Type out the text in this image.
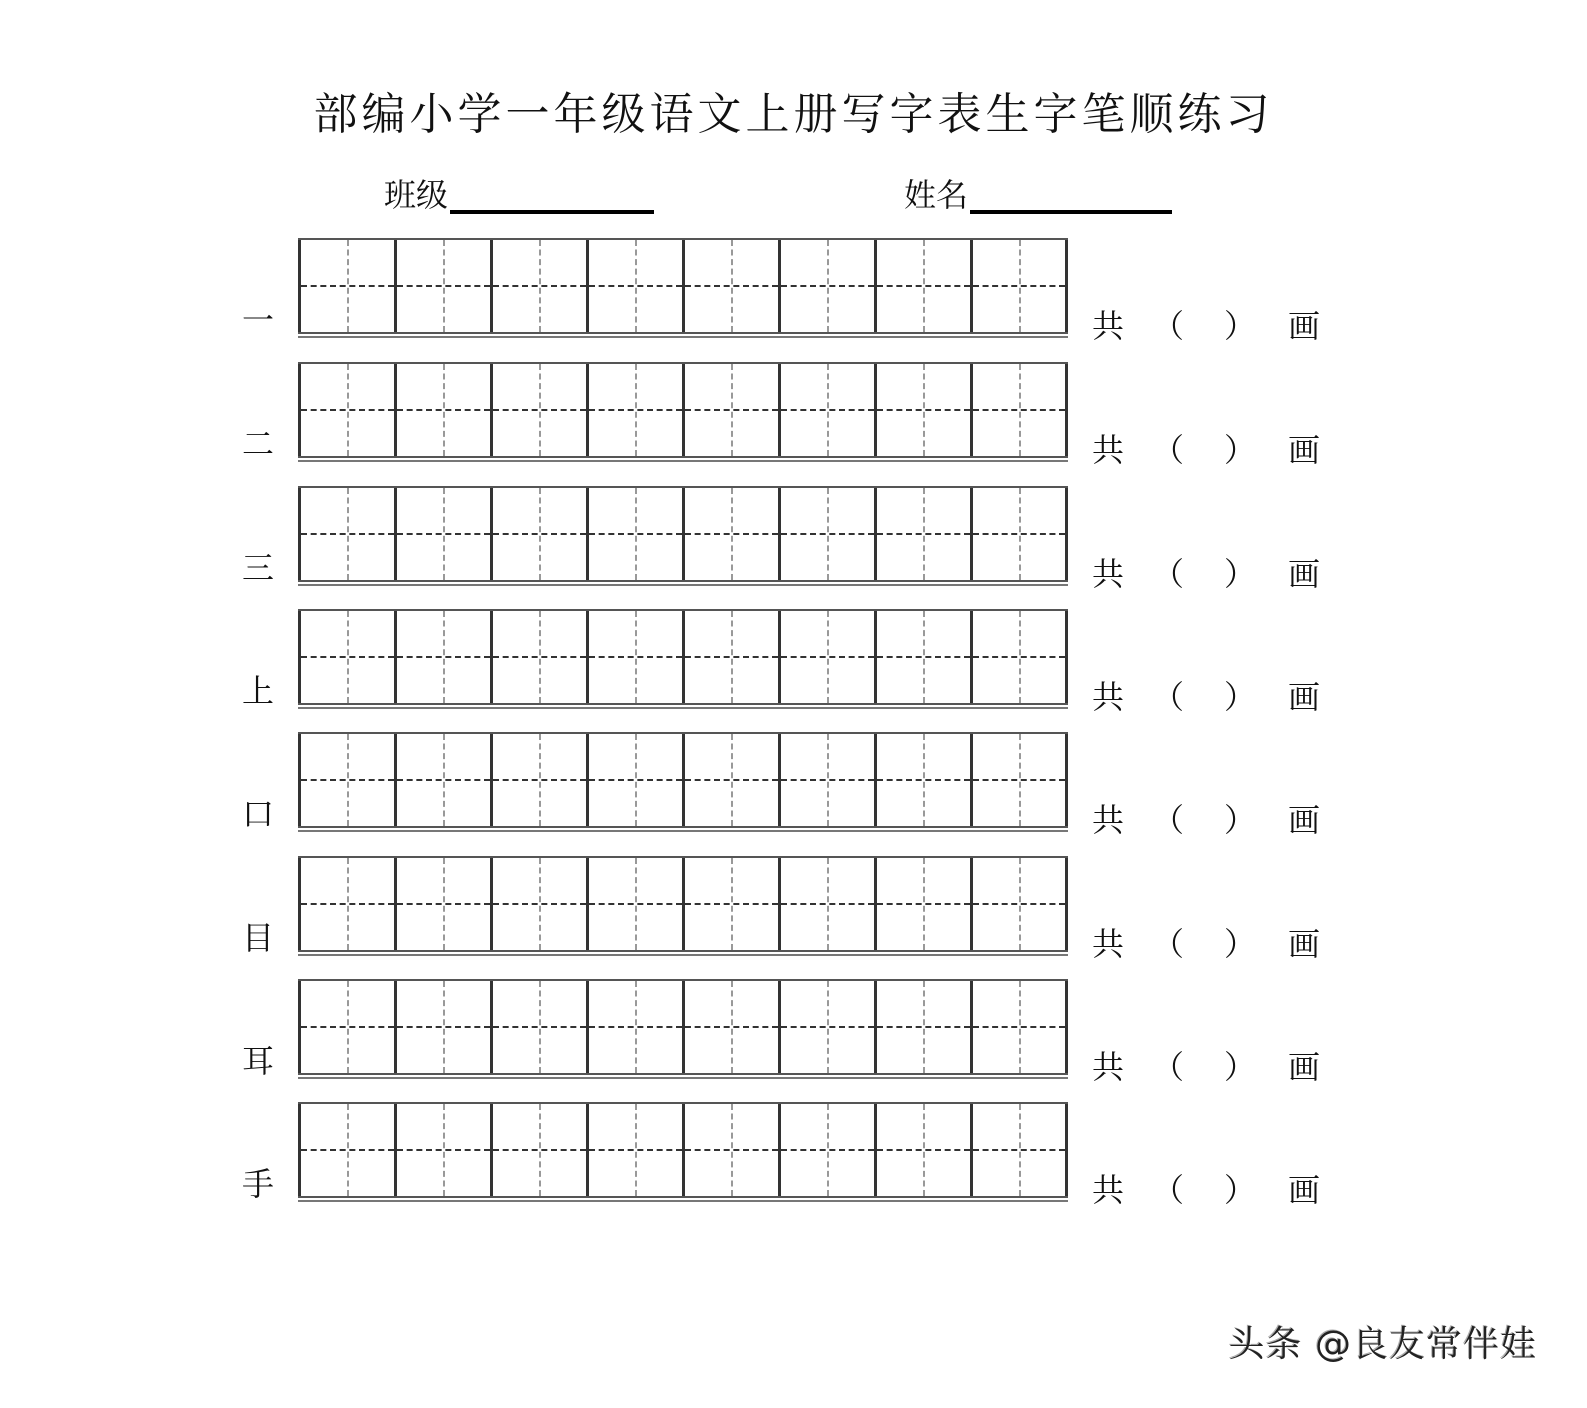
部编小学一年级语文上册写字表生字笔顺练习
班级	姓名
一	共 （	） 画
二	共 （	） 画
三	共 （	） 画
上	共 （	） 画
口	共 （	） 画
目	共 （	） 画
耳	共 （	） 画
手	共 （	） 画
头条 @良友常伴娃
